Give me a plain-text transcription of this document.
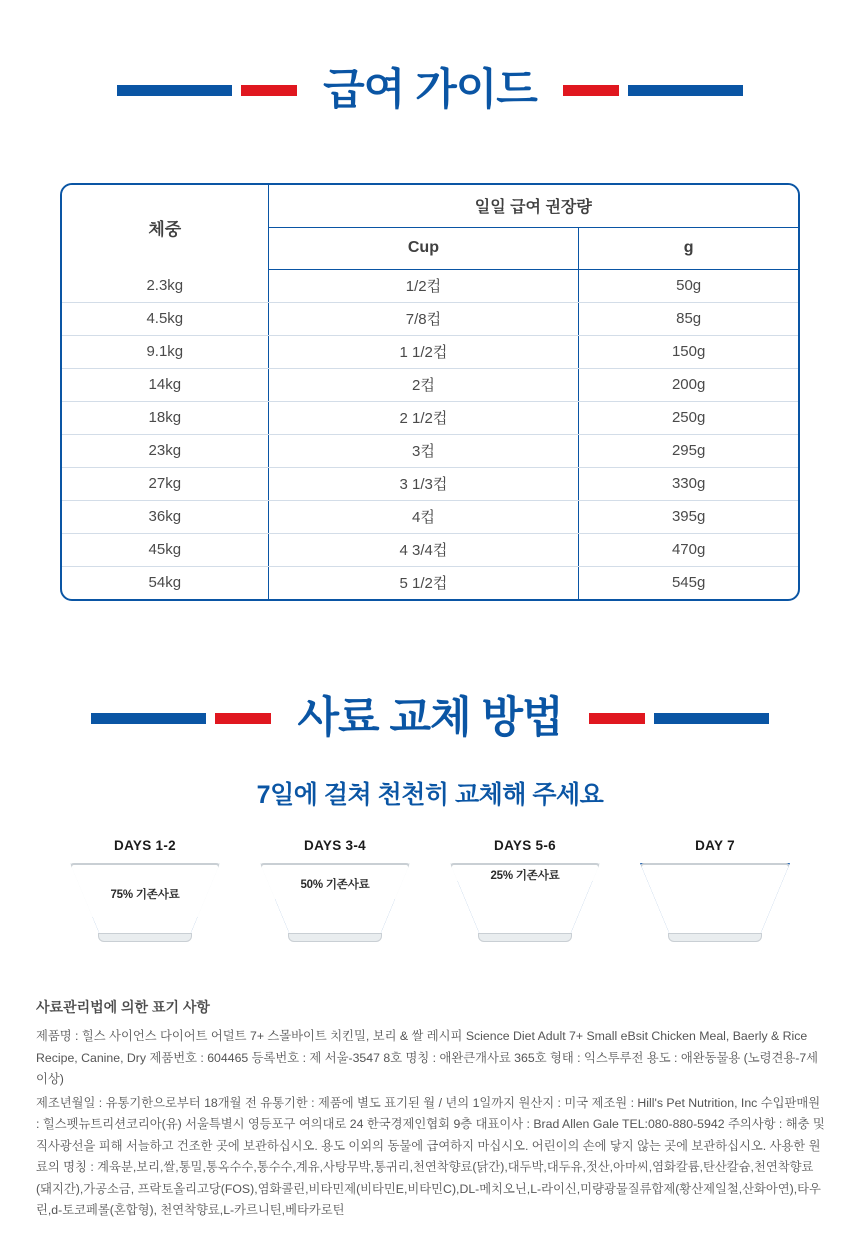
급여 가이드
체중	일일 급여 권장량	
	Cup	g
2.3kg	1/2컵	50g
4.5kg	7/8컵	85g
9.1kg	1 1/2컵	150g
14kg	2컵	200g
18kg	2 1/2컵	250g
23kg	3컵	295g
27kg	3 1/3컵	330g
36kg	4컵	395g
45kg	4 3/4컵	470g
54kg	5 1/2컵	545g
사료 교체 방법
7일에 걸쳐 천천히 교체해 주세요
DAYS 1-2
75% 기존사료
DAYS 3-4
50% 기존사료
50% 새로운 사료
DAYS 5-6
25% 기존사료
75% 새로운 사료
DAY 7
100% 새로운 사료
사료관리법에 의한 표기 사항

제품명 : 힐스 사이언스 다이어트 어덜트 7+ 스몰바이트 치킨밀, 보리 & 쌀 레시피 Science Diet Adult 7+ Small eBsit Chicken Meal, Baerly & Rice Recipe, Canine, Dry 제품번호 : 604465 등록번호 : 제 서울-3547 8호 명칭 : 애완큰개사료 365호 형태 : 익스투루전 용도 : 애완동물용 (노령견용-7세 이상)

제조년월일 : 유통기한으로부터 18개월 전 유통기한 : 제품에 별도 표기된 월 / 년의 1일까지 원산지 : 미국 제조원 : Hill's Pet Nutrition, Inc 수입판매원 : 힐스펫뉴트리션코리아(유) 서울특별시 영등포구 여의대로 24 한국경제인협회 9층 대표이사 : Brad Allen Gale TEL:080-880-5942 주의사항 : 해충 및 직사광선을 피해 서늘하고 건조한 곳에 보관하십시오. 용도 이외의 동물에 급여하지 마십시오. 어린이의 손에 닿지 않는 곳에 보관하십시오. 사용한 원료의 명칭 : 계육분,보리,쌀,통밀,통옥수수,통수수,계유,사탕무박,통귀리,천연착향료(닭간),대두박,대두유,젓산,아마씨,염화칼륨,탄산칼슘,천연착향료(돼지간),가공소금, 프락토올리고당(FOS),염화콜린,비타민제(비타민E,비타민C),DL-메치오닌,L-라이신,미량광물질류합제(황산제일철,산화아연),타우린,d-토코페롤(혼합형), 천연착향료,L-카르니틴,베타카로틴
